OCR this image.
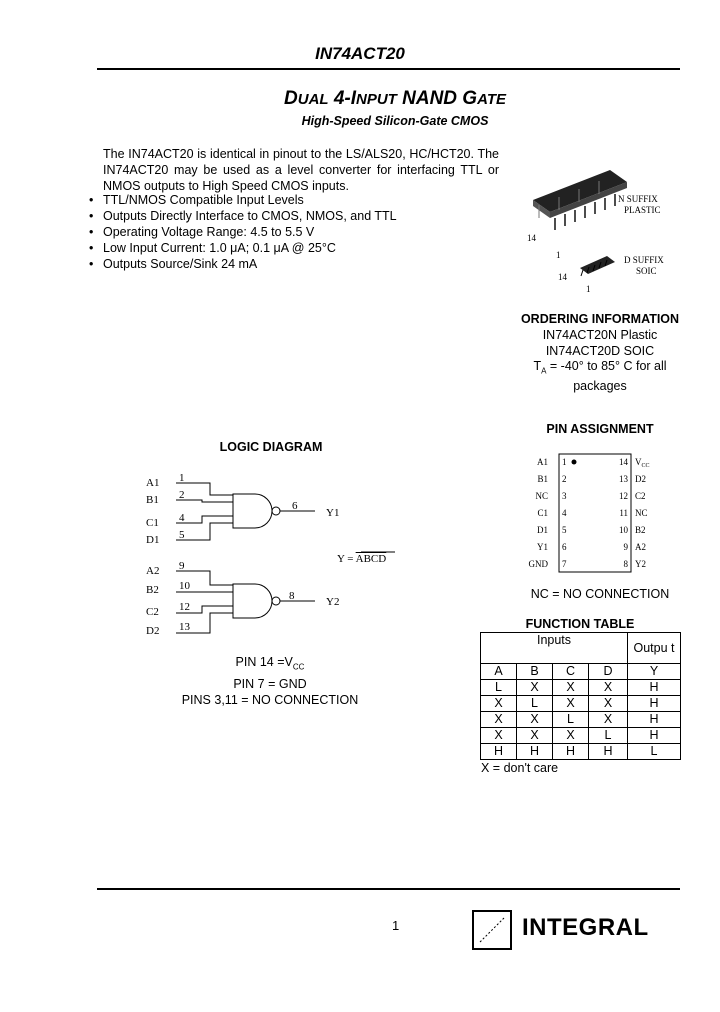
IN74ACT20
DUAL 4-INPUT NAND GATE
High-Speed Silicon-Gate CMOS
The IN74ACT20 is identical in pinout to the LS/ALS20, HC/HCT20. The IN74ACT20 may be used as a level converter for interfacing TTL or NMOS outputs to High Speed CMOS inputs.
• TTL/NMOS Compatible Input Levels
• Outputs Directly Interface to CMOS, NMOS, and TTL
• Operating Voltage Range: 4.5 to 5.5 V
• Low Input Current: 1.0 μA; 0.1 μA @ 25°C
• Outputs Source/Sink 24 mA
N SUFFIX
PLASTIC
14
1	D SUFFIX
SOIC
14
1
ORDERING INFORMATION
IN74ACT20N Plastic
IN74ACT20D SOIC
$T_A = -40^\circ$ to 85° C for all
packages
PIN ASSIGNMENT
A1 1
B1 2
NC 3
C1 4
D1 5
Y1 6
GND 7
14 $V_{CC}$
13 D2
12 C2
11 NC
10 B2
9 A2
8 Y2
NC = NO CONNECTION
LOGIC DIAGRAM
A1
B1
C1
D1
1
2
4
5
6
Y1
A2
B2
C2
D2
9
10
12
13
8	Y2
Y = ABCD
PIN $14 =V_{CC}$
PIN 7 = GND
PINS 3,11 = NO CONNECTION
FUNCTION TABLE
Inputs				Outpu t
A	B	C	D	Y
L	X	X	X	H
X	L	X	X	H
X	X	L	X	H
X	X	X	L	H
H	H	H	H	L
X = don't care
1	INTEGRAL
